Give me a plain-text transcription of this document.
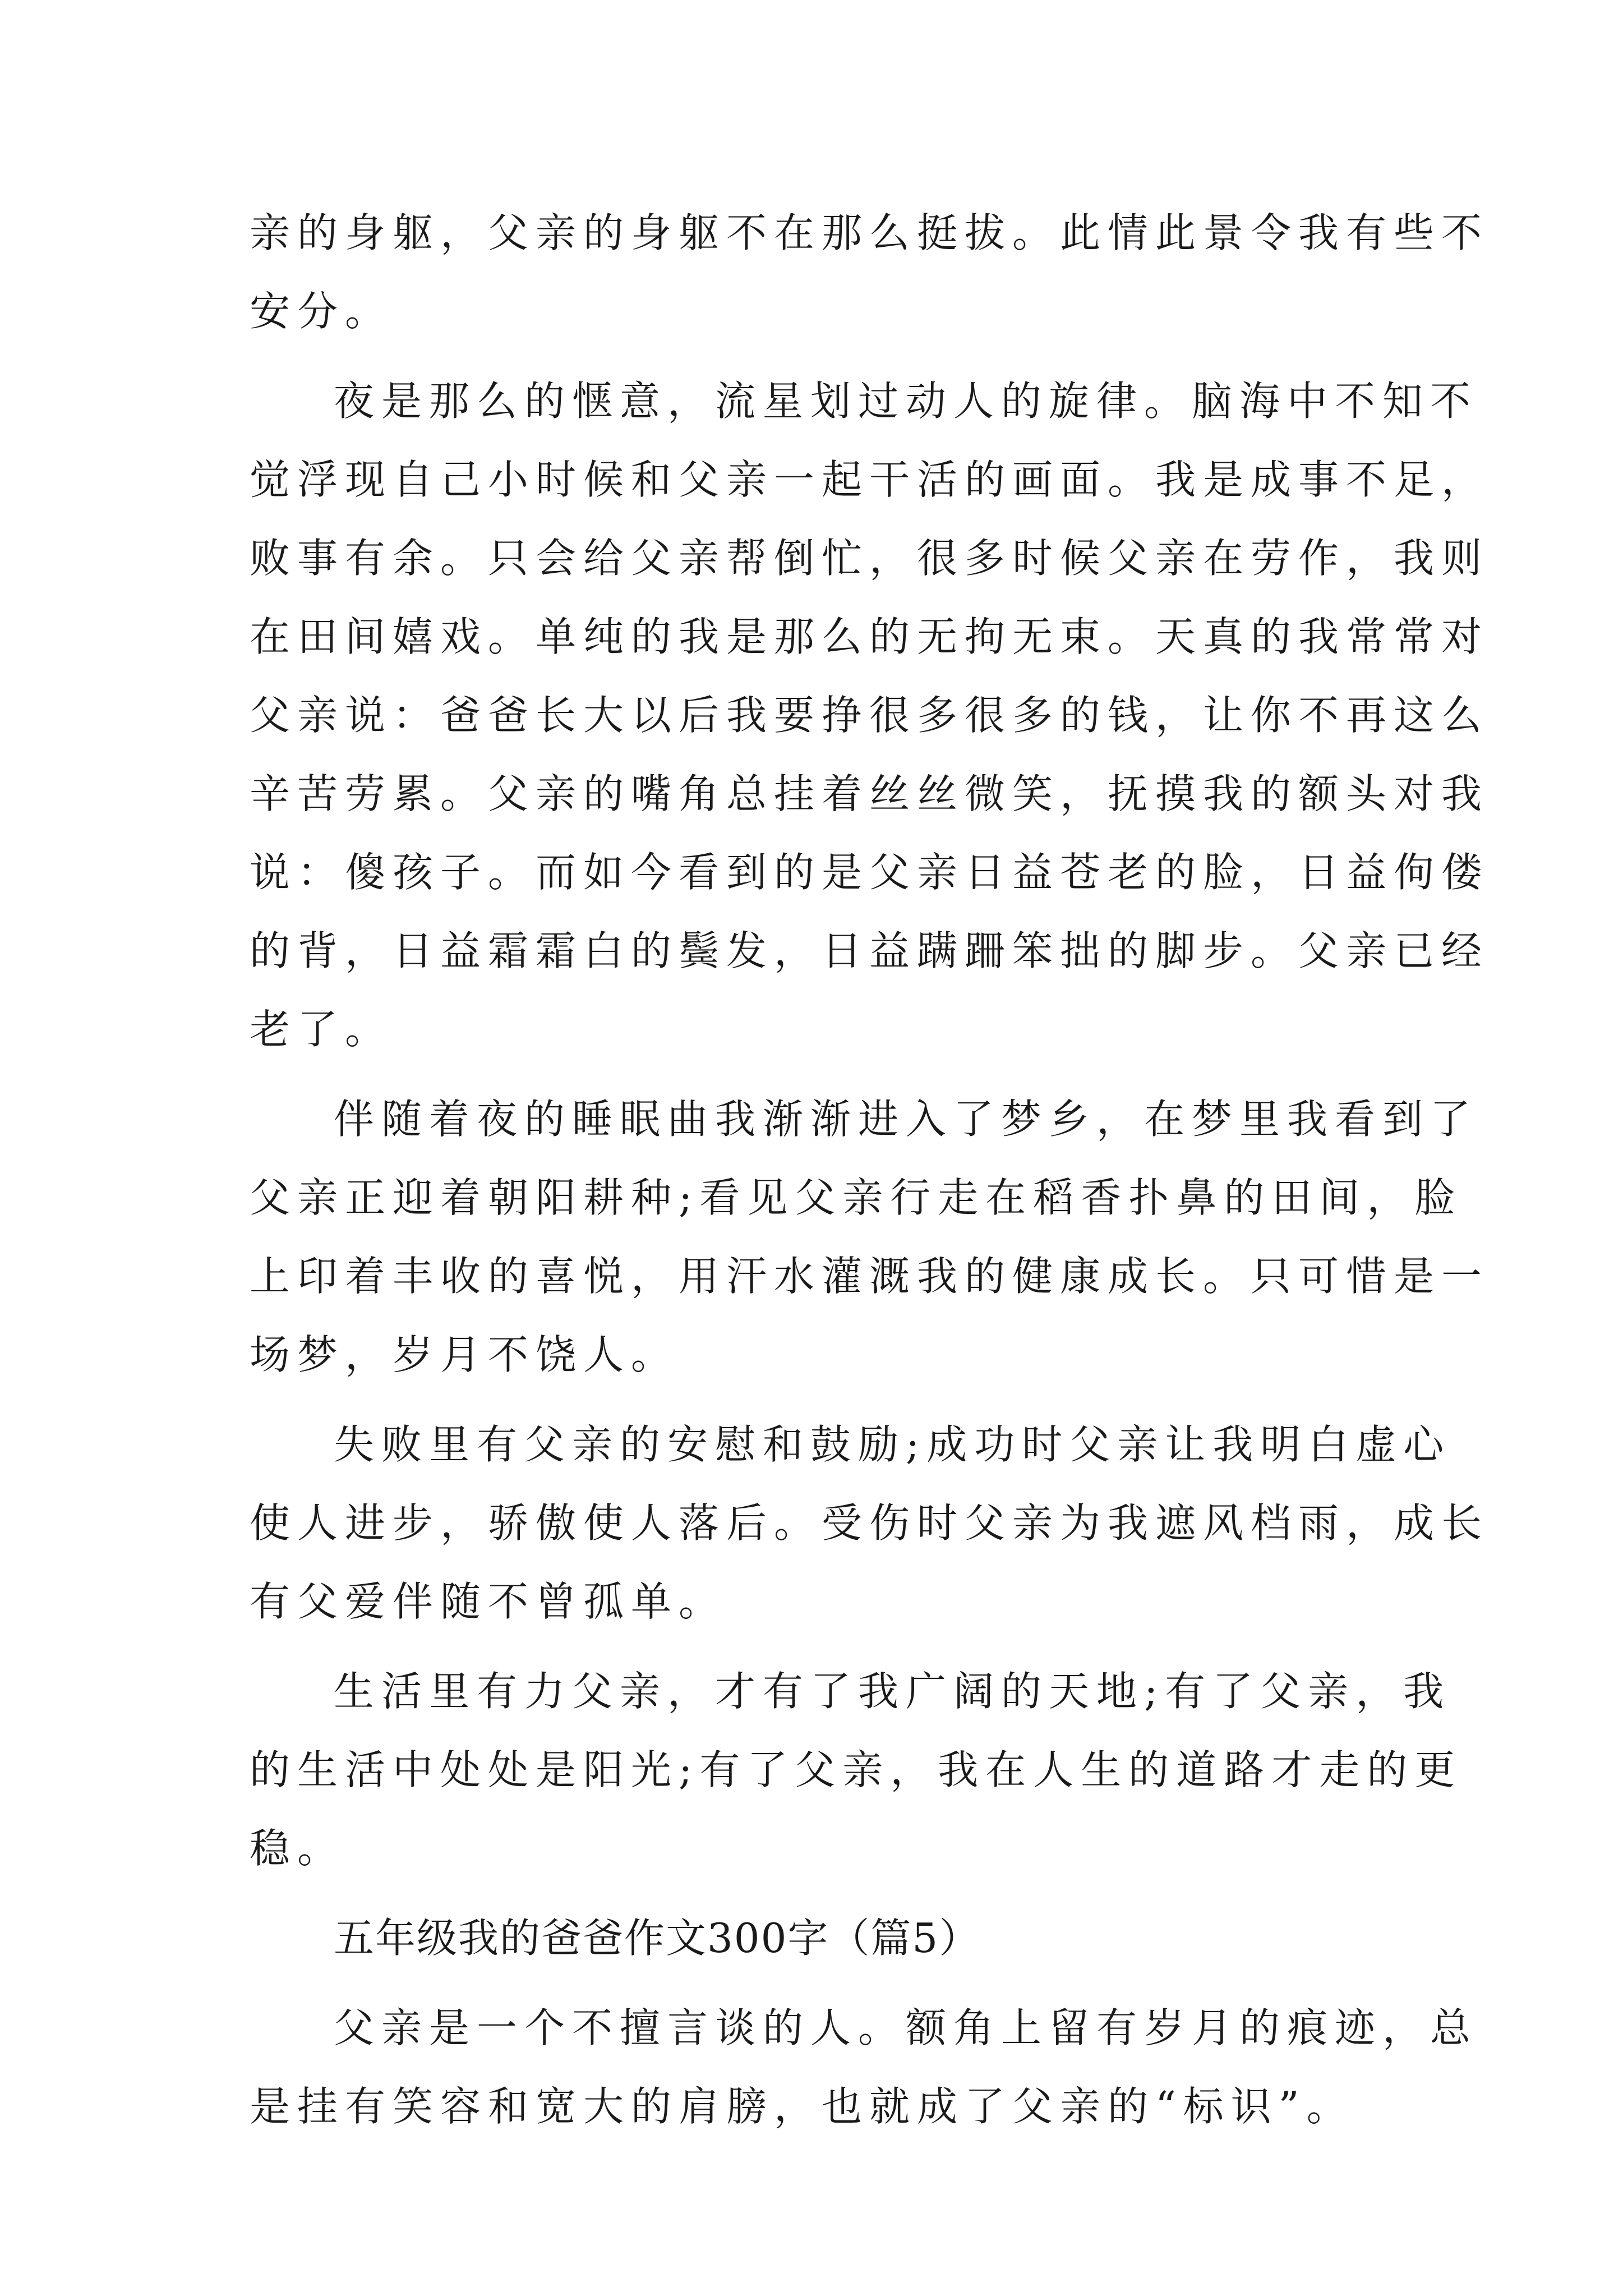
亲的身躯，父亲的身躯不在那么挺拔。此情此景令我有些不
安分。
夜是那么的惬意，流星划过动人的旋律。脑海中不知不
觉浮现自己小时候和父亲一起干活的画面。我是成事不足，
败事有余。只会给父亲帮倒忙，很多时候父亲在劳作，我则
在田间嬉戏。单纯的我是那么的无拘无束。天真的我常常对
父亲说：爸爸长大以后我要挣很多很多的钱，让你不再这么
辛苦劳累。父亲的嘴角总挂着丝丝微笑，抚摸我的额头对我
说：傻孩子。而如今看到的是父亲日益苍老的脸，日益佝偻
的背，日益霜霜白的鬓发，日益蹒跚笨拙的脚步。父亲已经
老了。
伴随着夜的睡眠曲我渐渐进入了梦乡，在梦里我看到了
父亲正迎着朝阳耕种;看见父亲行走在稻香扑鼻的田间，脸
上印着丰收的喜悦，用汗水灌溉我的健康成长。只可惜是一
场梦，岁月不饶人。
失败里有父亲的安慰和鼓励;成功时父亲让我明白虚心
使人进步，骄傲使人落后。受伤时父亲为我遮风档雨，成长
有父爱伴随不曾孤单。
生活里有力父亲，才有了我广阔的天地;有了父亲，我
的生活中处处是阳光;有了父亲，我在人生的道路才走的更
稳。
五年级我的爸爸作文300字（篇5）
父亲是一个不擅言谈的人。额角上留有岁月的痕迹，总
是挂有笑容和宽大的肩膀，也就成了父亲的“标识”。
